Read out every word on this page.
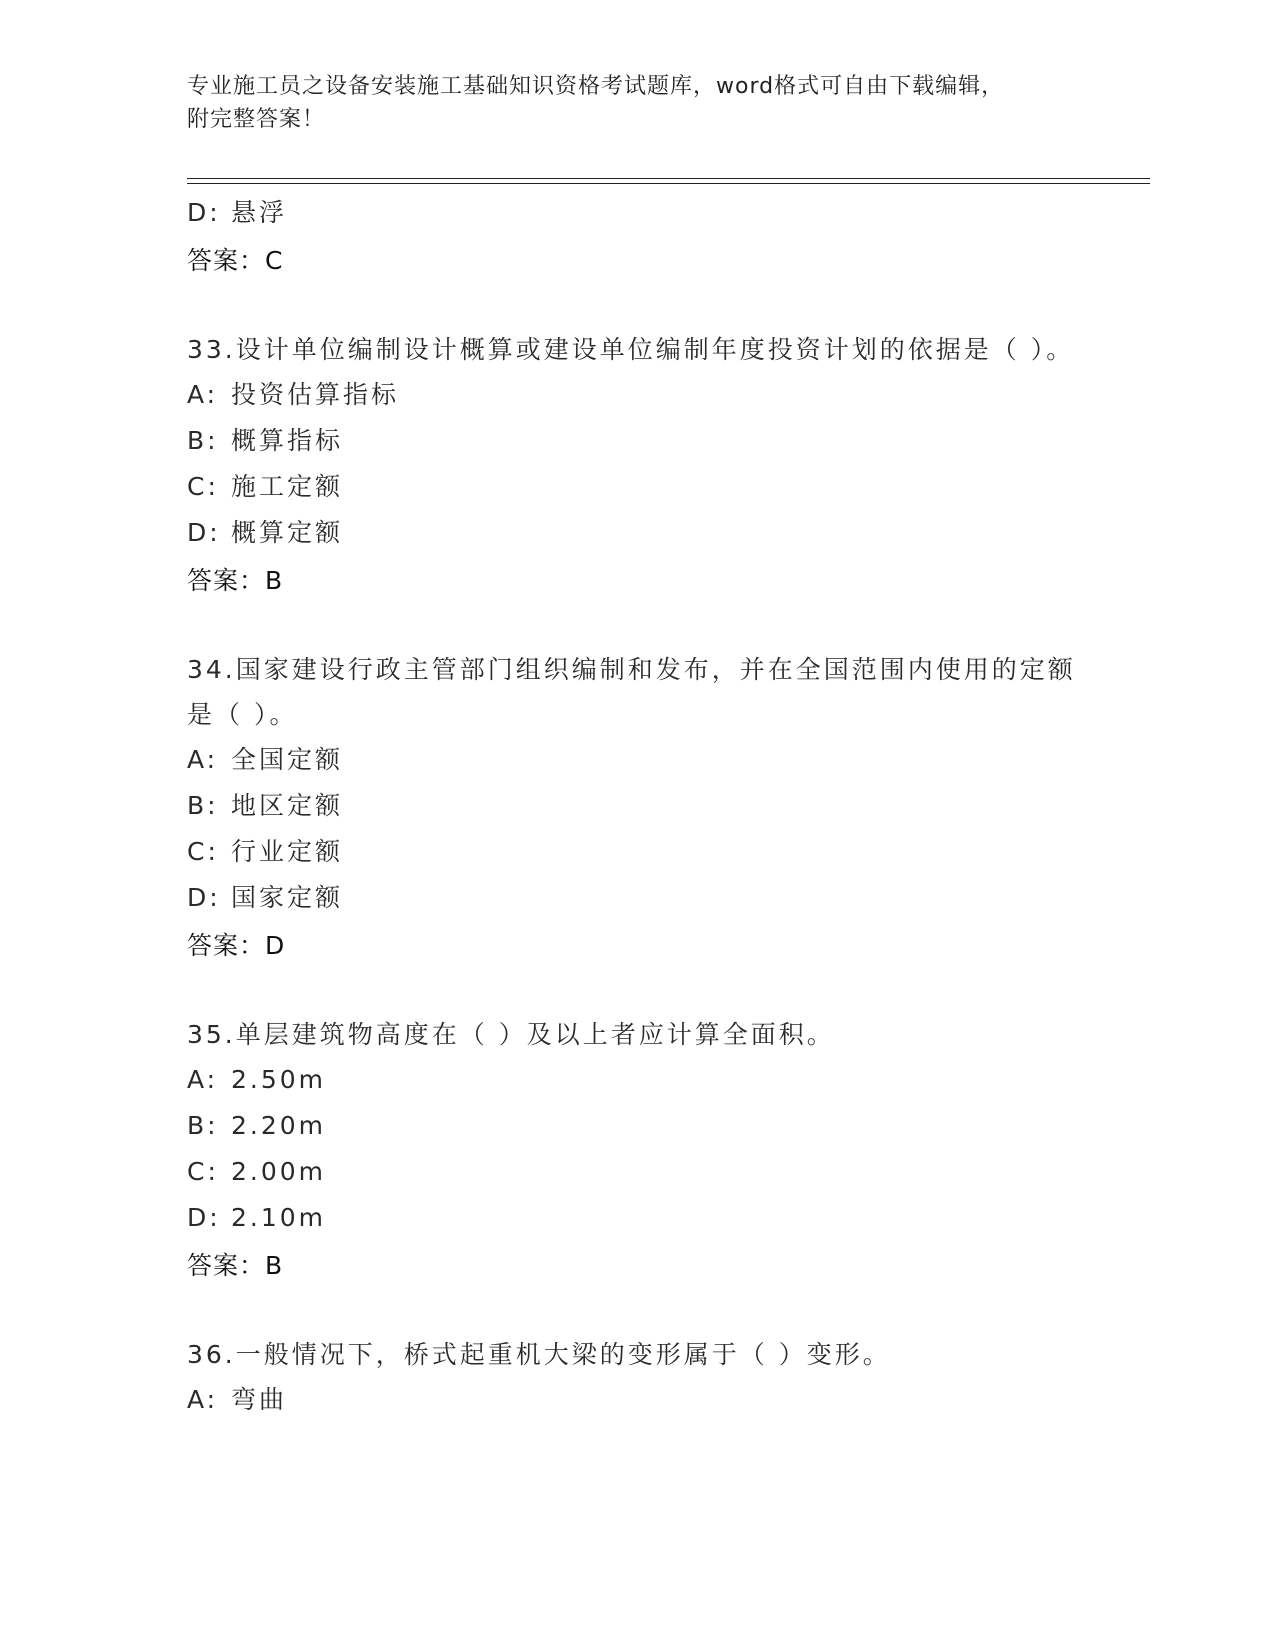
专业施工员之设备安装施工基础知识资格考试题库，word格式可自由下载编辑，
附完整答案！
D: 悬浮
答案：C
33.设计单位编制设计概算或建设单位编制年度投资计划的依据是（ ）。
A: 投资估算指标
B: 概算指标
C: 施工定额
D: 概算定额
答案：B
34.国家建设行政主管部门组织编制和发布，并在全国范围内使用的定额是（ ）。
A: 全国定额
B: 地区定额
C: 行业定额
D: 国家定额
答案：D
35.单层建筑物高度在（ ）及以上者应计算全面积。
A: 2.50m
B: 2.20m
C: 2.00m
D: 2.10m
答案：B
36.一般情况下，桥式起重机大梁的变形属于（ ）变形。
A: 弯曲
